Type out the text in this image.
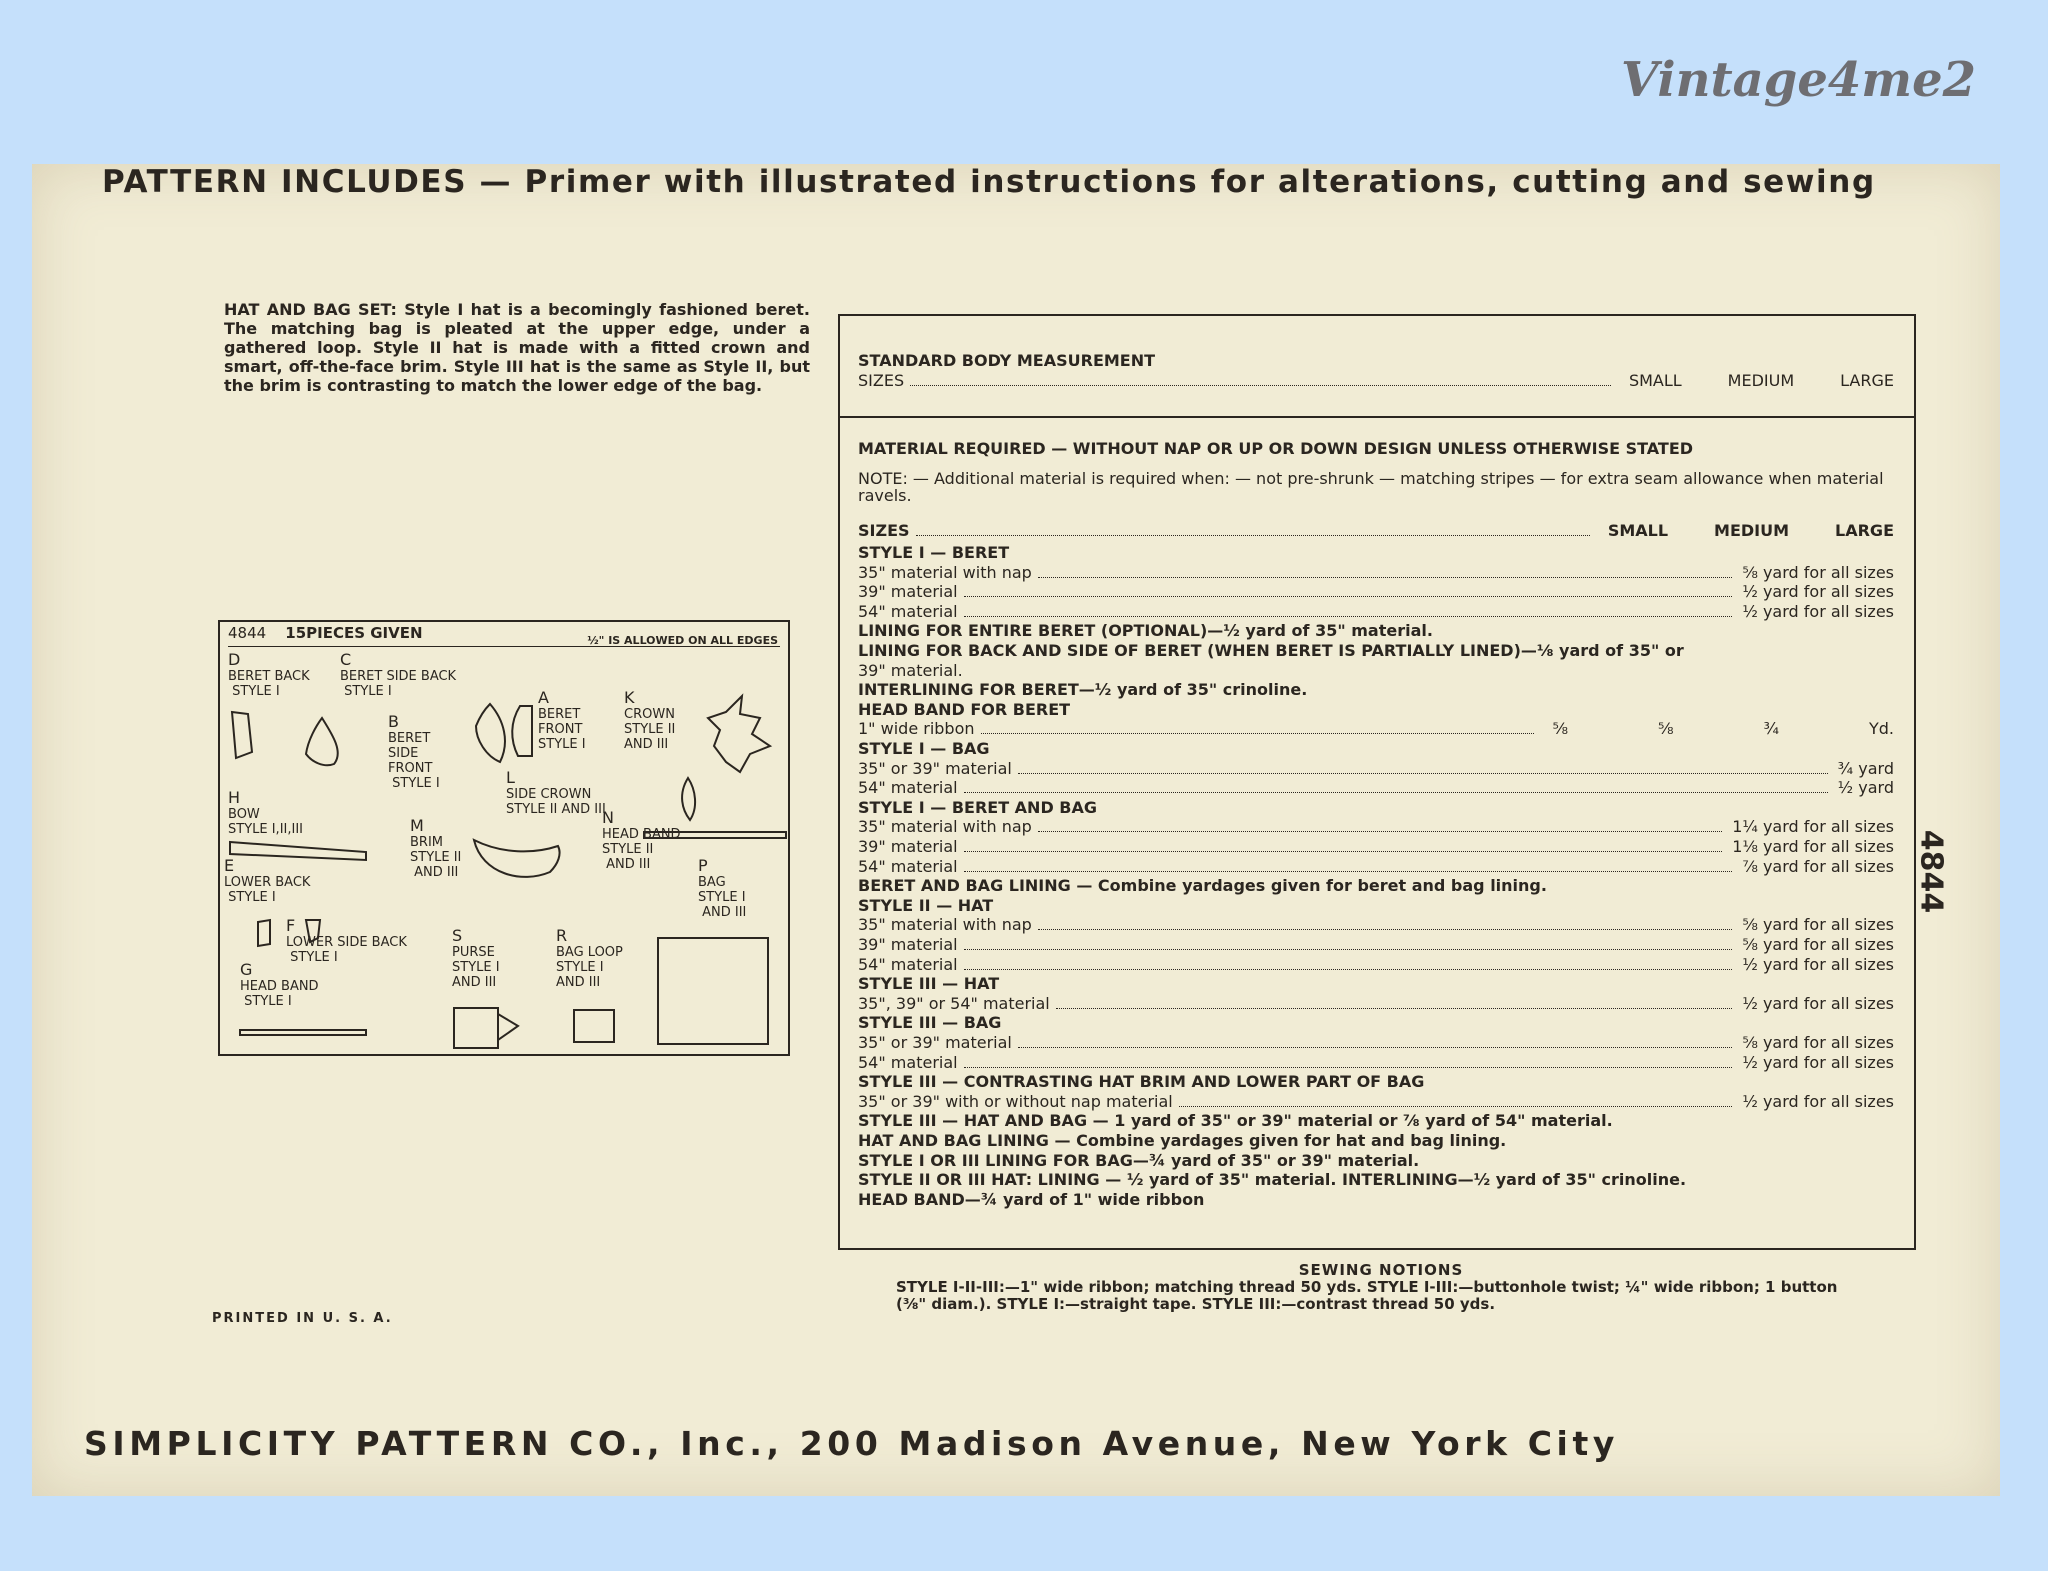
Vintage4me2
PATTERN INCLUDES — Primer with illustrated instructions for alterations, cutting and sewing
HAT AND BAG SET: Style I hat is a becomingly fashioned beret. The matching bag is pleated at the upper edge, under a gathered loop. Style II hat is made with a fitted crown and smart, off-the-face brim. Style III hat is the same as Style II, but the brim is contrasting to match the lower edge of the bag.
4844 15PIECES GIVEN	½" IS ALLOWED ON ALL EDGES
D
BERET BACK
STYLE I
C
BERET SIDE BACK
STYLE I
B
BERET
SIDE
FRONT
STYLE I
A
BERET
FRONT
STYLE I
K
CROWN
STYLE II
AND III
L
SIDE CROWN
STYLE II AND III
H
BOW
STYLE I,II,III	M
BRIM
STYLE II
AND III
N
HEAD BAND
STYLE II
AND III
E
LOWER BACK
STYLE I
P
BAG
STYLE I
AND III
F
LOWER SIDE BACK
STYLE I
S
PURSE
STYLE I
AND III
R
BAG LOOP
STYLE I
AND III
G
HEAD BAND
STYLE I
STANDARD BODY MEASUREMENT
SIZES	SMALL	MEDIUM	LARGE
MATERIAL REQUIRED — WITHOUT NAP OR UP OR DOWN DESIGN UNLESS OTHERWISE STATED
NOTE: — Additional material is required when: — not pre-shrunk — matching stripes — for extra seam allowance when material ravels.
SIZES	SMALL	MEDIUM	LARGE
STYLE I — BERET
35" material with nap	⅝ yard for all sizes
39" material	½ yard for all sizes
54" material	½ yard for all sizes
LINING FOR ENTIRE BERET (OPTIONAL)—½ yard of 35" material.
LINING FOR BACK AND SIDE OF BERET (WHEN BERET IS PARTIALLY LINED)—⅛ yard of 35" or
39" material.
INTERLINING FOR BERET—½ yard of 35" crinoline.
HEAD BAND FOR BERET
1" wide ribbon	⅝	⅝	¾	Yd.
STYLE I — BAG
35" or 39" material	¾ yard
54" material	½ yard
STYLE I — BERET AND BAG
35" material with nap	1¼ yard for all sizes
39" material	1⅛ yard for all sizes
54" material	⅞ yard for all sizes
BERET AND BAG LINING — Combine yardages given for beret and bag lining.
STYLE II — HAT
35" material with nap	⅝ yard for all sizes
39" material	⅝ yard for all sizes
54" material	½ yard for all sizes
STYLE III — HAT
35", 39" or 54" material	½ yard for all sizes
STYLE III — BAG
35" or 39" material	⅝ yard for all sizes
54" material	½ yard for all sizes
STYLE III — CONTRASTING HAT BRIM AND LOWER PART OF BAG
35" or 39" with or without nap material	½ yard for all sizes
STYLE III — HAT AND BAG — 1 yard of 35" or 39" material or ⅞ yard of 54" material.
HAT AND BAG LINING — Combine yardages given for hat and bag lining.
STYLE I OR III LINING FOR BAG—¾ yard of 35" or 39" material.
STYLE II OR III HAT: LINING — ½ yard of 35" material. INTERLINING—½ yard of 35" crinoline.
HEAD BAND—¾ yard of 1" wide ribbon
SEWING NOTIONS
STYLE I-II-III:—1" wide ribbon; matching thread 50 yds. STYLE I-III:—buttonhole twist; ¼" wide ribbon; 1 button (⅜" diam.). STYLE I:—straight tape. STYLE III:—contrast thread 50 yds.
PRINTED IN U. S. A.
SIMPLICITY PATTERN CO., Inc., 200 Madison Avenue, New York City
4844
